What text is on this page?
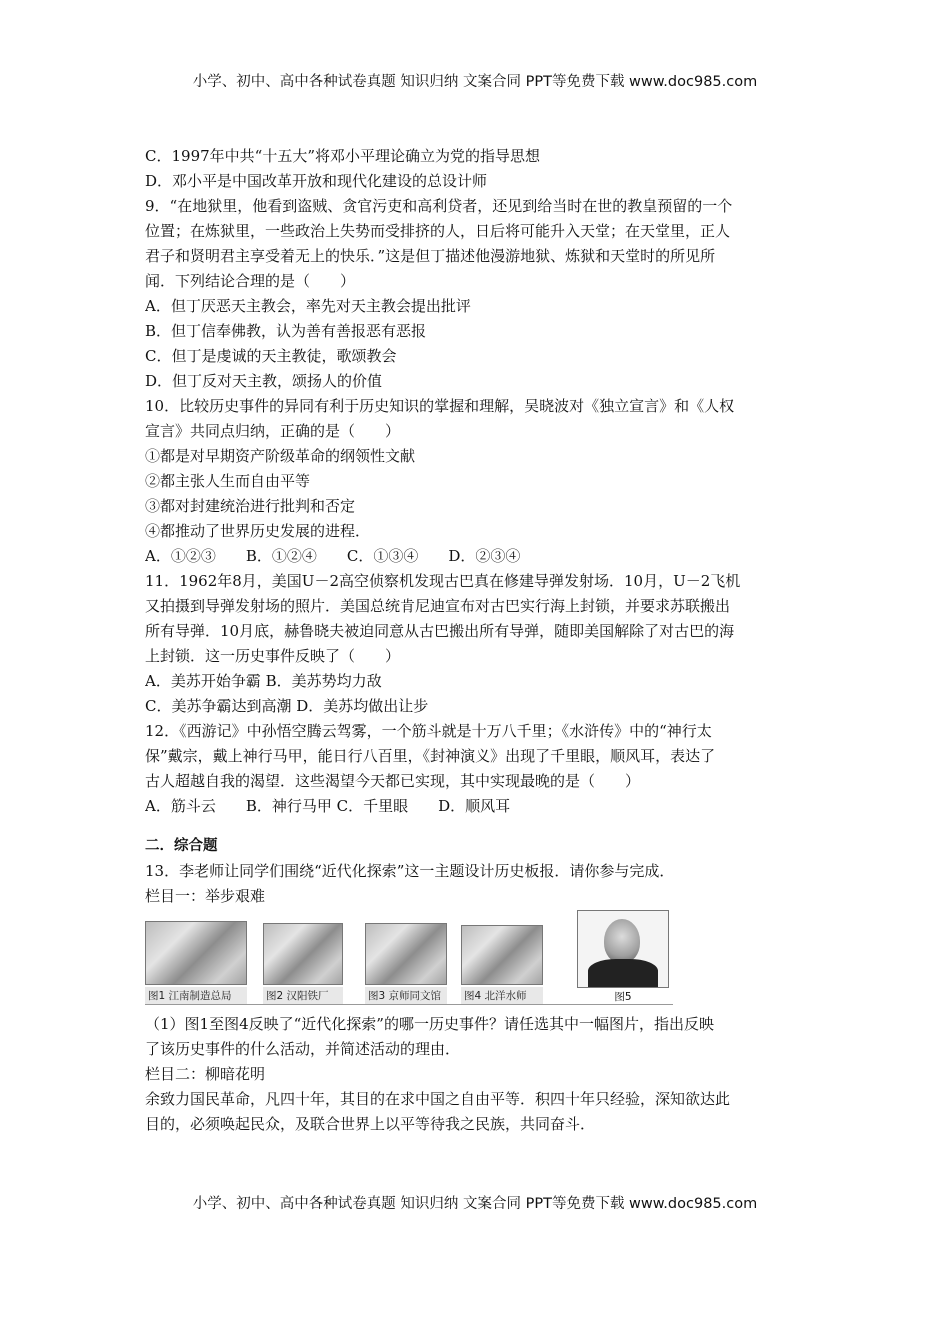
小学、初中、高中各种试卷真题 知识归纳 文案合同 PPT等免费下载 www.doc985.com
C．1997年中共“十五大”将邓小平理论确立为党的指导思想
D．邓小平是中国改革开放和现代化建设的总设计师
9．“在地狱里，他看到盗贼、贪官污吏和高利贷者，还见到给当时在世的教皇预留的一个
位置；在炼狱里，一些政治上失势而受排挤的人，日后将可能升入天堂；在天堂里，正人
君子和贤明君主享受着无上的快乐．”这是但丁描述他漫游地狱、炼狱和天堂时的所见所
闻．下列结论合理的是（　　）
A．但丁厌恶天主教会，率先对天主教会提出批评
B．但丁信奉佛教，认为善有善报恶有恶报
C．但丁是虔诚的天主教徒，歌颂教会
D．但丁反对天主教，颂扬人的价值
10．比较历史事件的异同有利于历史知识的掌握和理解，吴晓波对《独立宣言》和《人权
宣言》共同点归纳，正确的是（　　）
①都是对早期资产阶级革命的纲领性文献
②都主张人生而自由平等
③都对封建统治进行批判和否定
④都推动了世界历史发展的进程．
A．①②③　　B．①②④　　C．①③④　　D．②③④
11．1962年8月，美国U－2高空侦察机发现古巴真在修建导弹发射场．10月，U－2飞机
又拍摄到导弹发射场的照片．美国总统肯尼迪宣布对古巴实行海上封锁，并要求苏联搬出
所有导弹．10月底，赫鲁晓夫被迫同意从古巴搬出所有导弹，随即美国解除了对古巴的海
上封锁．这一历史事件反映了（　　）
A．美苏开始争霸 B．美苏势均力敌
C．美苏争霸达到高潮 D．美苏均做出让步
12．《西游记》中孙悟空腾云驾雾，一个筋斗就是十万八千里；《水浒传》中的“神行太
保”戴宗，戴上神行马甲，能日行八百里，《封神演义》出现了千里眼，顺风耳，表达了
古人超越自我的渴望．这些渴望今天都已实现，其中实现最晚的是（　　）
A．筋斗云　　B．神行马甲 C．千里眼　　D．顺风耳
二．综合题
13．李老师让同学们围绕“近代化探索”这一主题设计历史板报．请你参与完成．
栏目一：举步艰难
图1 江南制造总局	图2 汉阳铁厂	图3 京师同文馆	图4 北洋水师	图5
（1）图1至图4反映了“近代化探索”的哪一历史事件？请任选其中一幅图片，指出反映
了该历史事件的什么活动，并简述活动的理由．
栏目二：柳暗花明
余致力国民革命，凡四十年，其目的在求中国之自由平等．积四十年只经验，深知欲达此
目的，必须唤起民众，及联合世界上以平等待我之民族，共同奋斗．
小学、初中、高中各种试卷真题 知识归纳 文案合同 PPT等免费下载 www.doc985.com
